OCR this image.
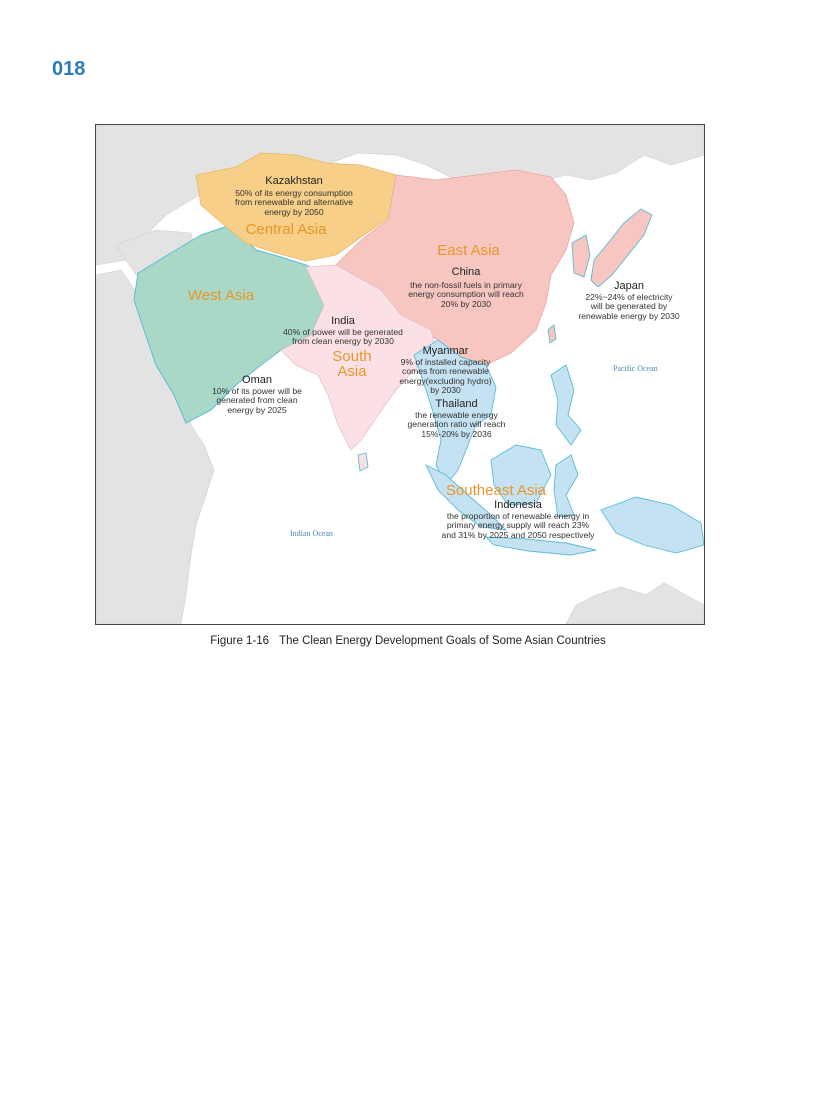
018
Central Asia
East Asia
West Asia
South
Asia
Southeast Asia
Kazakhstan
50% of its energy consumption
from renewable and alternative
energy by 2050
China
the non-fossil fuels in primary
energy consumption will reach
20% by 2030
Japan
22%~24% of electricity
will be generated by
renewable energy by 2030
India
40% of power will be generated
from clean energy by 2030
Myanmar
9% of installed capacity
comes from renewable
energy(excluding hydro)
by 2030
Thailand
the renewable energy
generation ratio will reach
15%-20% by 2036
Oman
10% of its power will be
generated from clean
energy by 2025
Indonesia
the proportion of renewable energy in
primary energy supply will reach 23%
and 31% by 2025 and 2050 respectively
Indian Ocean
Pacific Ocean
Figure 1-16 The Clean Energy Development Goals of Some Asian Countries
